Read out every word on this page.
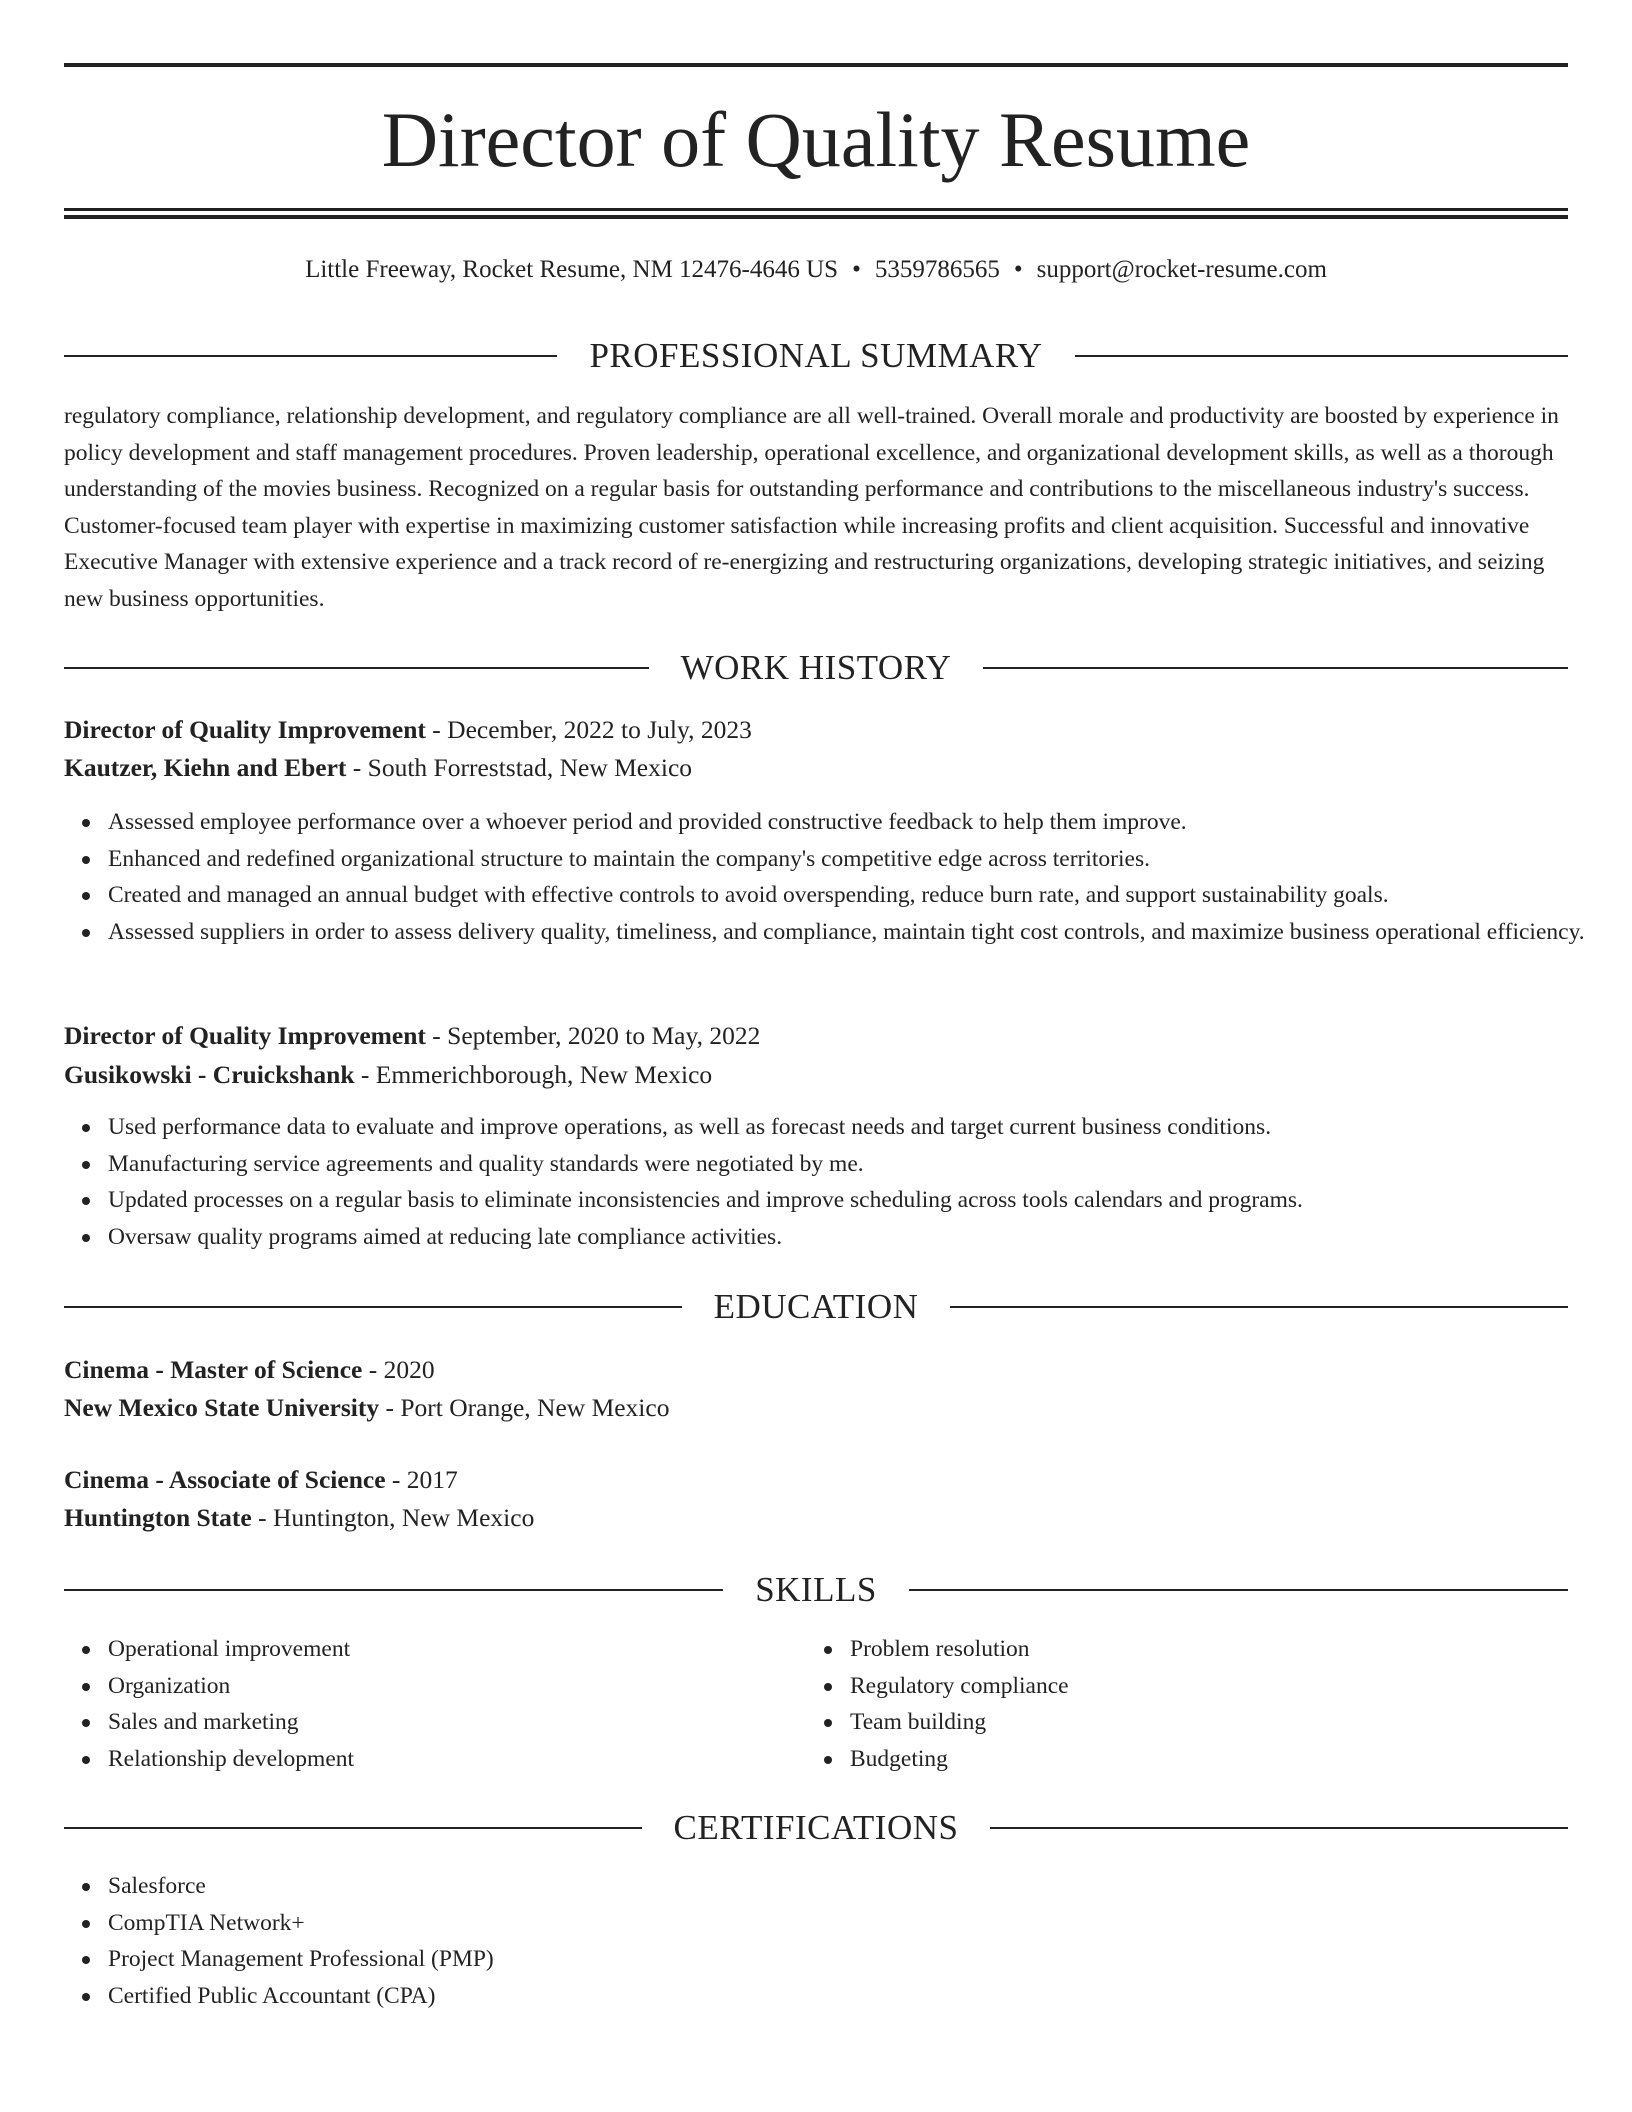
Director of Quality Resume
Little Freeway, Rocket Resume, NM 12476-4646 US • 5359786565 • support@rocket-resume.com
PROFESSIONAL SUMMARY

regulatory compliance, relationship development, and regulatory compliance are all well-trained. Overall morale and productivity are boosted by experience in policy development and staff management procedures. Proven leadership, operational excellence, and organizational development skills, as well as a thorough understanding of the movies business. Recognized on a regular basis for outstanding performance and contributions to the miscellaneous industry's success. Customer-focused team player with expertise in maximizing customer satisfaction while increasing profits and client acquisition. Successful and innovative Executive Manager with extensive experience and a track record of re-energizing and restructuring organizations, developing strategic initiatives, and seizing new business opportunities.

WORK HISTORY
Director of Quality Improvement - December, 2022 to July, 2023
Kautzer, Kiehn and Ebert - South Forreststad, New Mexico
Assessed employee performance over a whoever period and provided constructive feedback to help them improve.
Enhanced and redefined organizational structure to maintain the company's competitive edge across territories.
Created and managed an annual budget with effective controls to avoid overspending, reduce burn rate, and support sustainability goals.
Assessed suppliers in order to assess delivery quality, timeliness, and compliance, maintain tight cost controls, and maximize business operational efficiency.
Director of Quality Improvement - September, 2020 to May, 2022
Gusikowski - Cruickshank - Emmerichborough, New Mexico
Used performance data to evaluate and improve operations, as well as forecast needs and target current business conditions.
Manufacturing service agreements and quality standards were negotiated by me.
Updated processes on a regular basis to eliminate inconsistencies and improve scheduling across tools calendars and programs.
Oversaw quality programs aimed at reducing late compliance activities.
EDUCATION
Cinema - Master of Science - 2020
New Mexico State University - Port Orange, New Mexico
Cinema - Associate of Science - 2017
Huntington State - Huntington, New Mexico
SKILLS
Operational improvement
Organization
Sales and marketing
Relationship development
Problem resolution
Regulatory compliance
Team building
Budgeting
CERTIFICATIONS
Salesforce
CompTIA Network+
Project Management Professional (PMP)
Certified Public Accountant (CPA)
